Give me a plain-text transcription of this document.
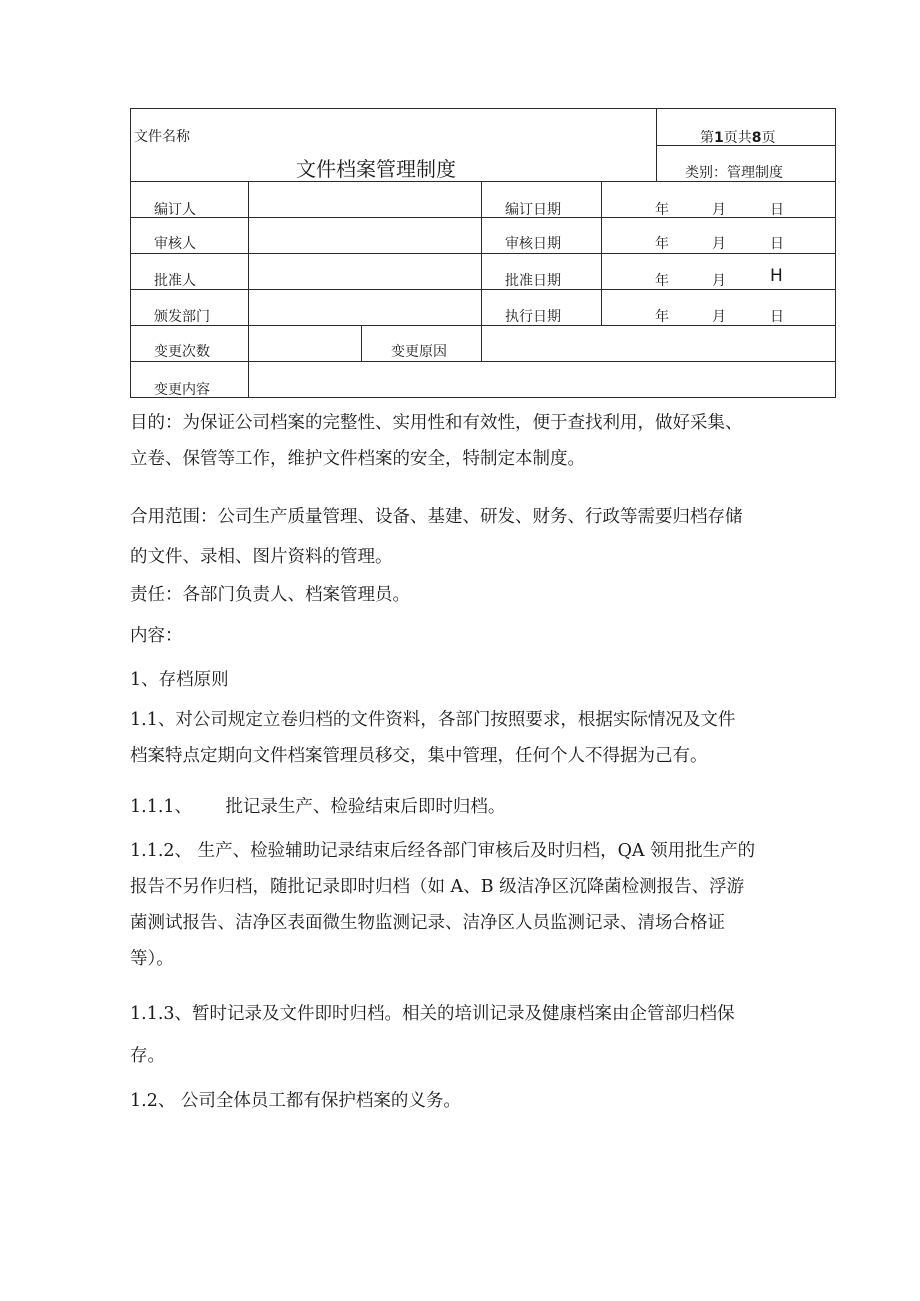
文件名称
文件档案管理制度
第1页共8页
类别：管理制度
编订人	编订日期	年	月	日
审核人	审核日期	年	月	日
批准人	批准日期	年	月	H
颁发部门	执行日期	年	月	日
变更次数	变更原因
变更内容

目的：为保证公司档案的完整性、实用性和有效性，便于查找利用，做好采集、

立卷、保管等工作，维护文件档案的安全，特制定本制度。

合用范围：公司生产质量管理、设备、基建、研发、财务、行政等需要归档存储

的文件、录相、图片资料的管理。

责任：各部门负责人、档案管理员。
内容：
1、存档原则

1.1、对公司规定立卷归档的文件资料，各部门按照要求，根据实际情况及文件

档案特点定期向文件档案管理员移交，集中管理，任何个人不得据为己有。

1.1.1、      批记录生产、检验结束后即时归档。

1.1.2、 生产、检验辅助记录结束后经各部门审核后及时归档，QA 领用批生产的

报告不另作归档，随批记录即时归档（如 A、B 级洁净区沉降菌检测报告、浮游

菌测试报告、洁净区表面微生物监测记录、洁净区人员监测记录、清场合格证

等）。

1.1.3、暂时记录及文件即时归档。相关的培训记录及健康档案由企管部归档保

存。

1.2、 公司全体员工都有保护档案的义务。
